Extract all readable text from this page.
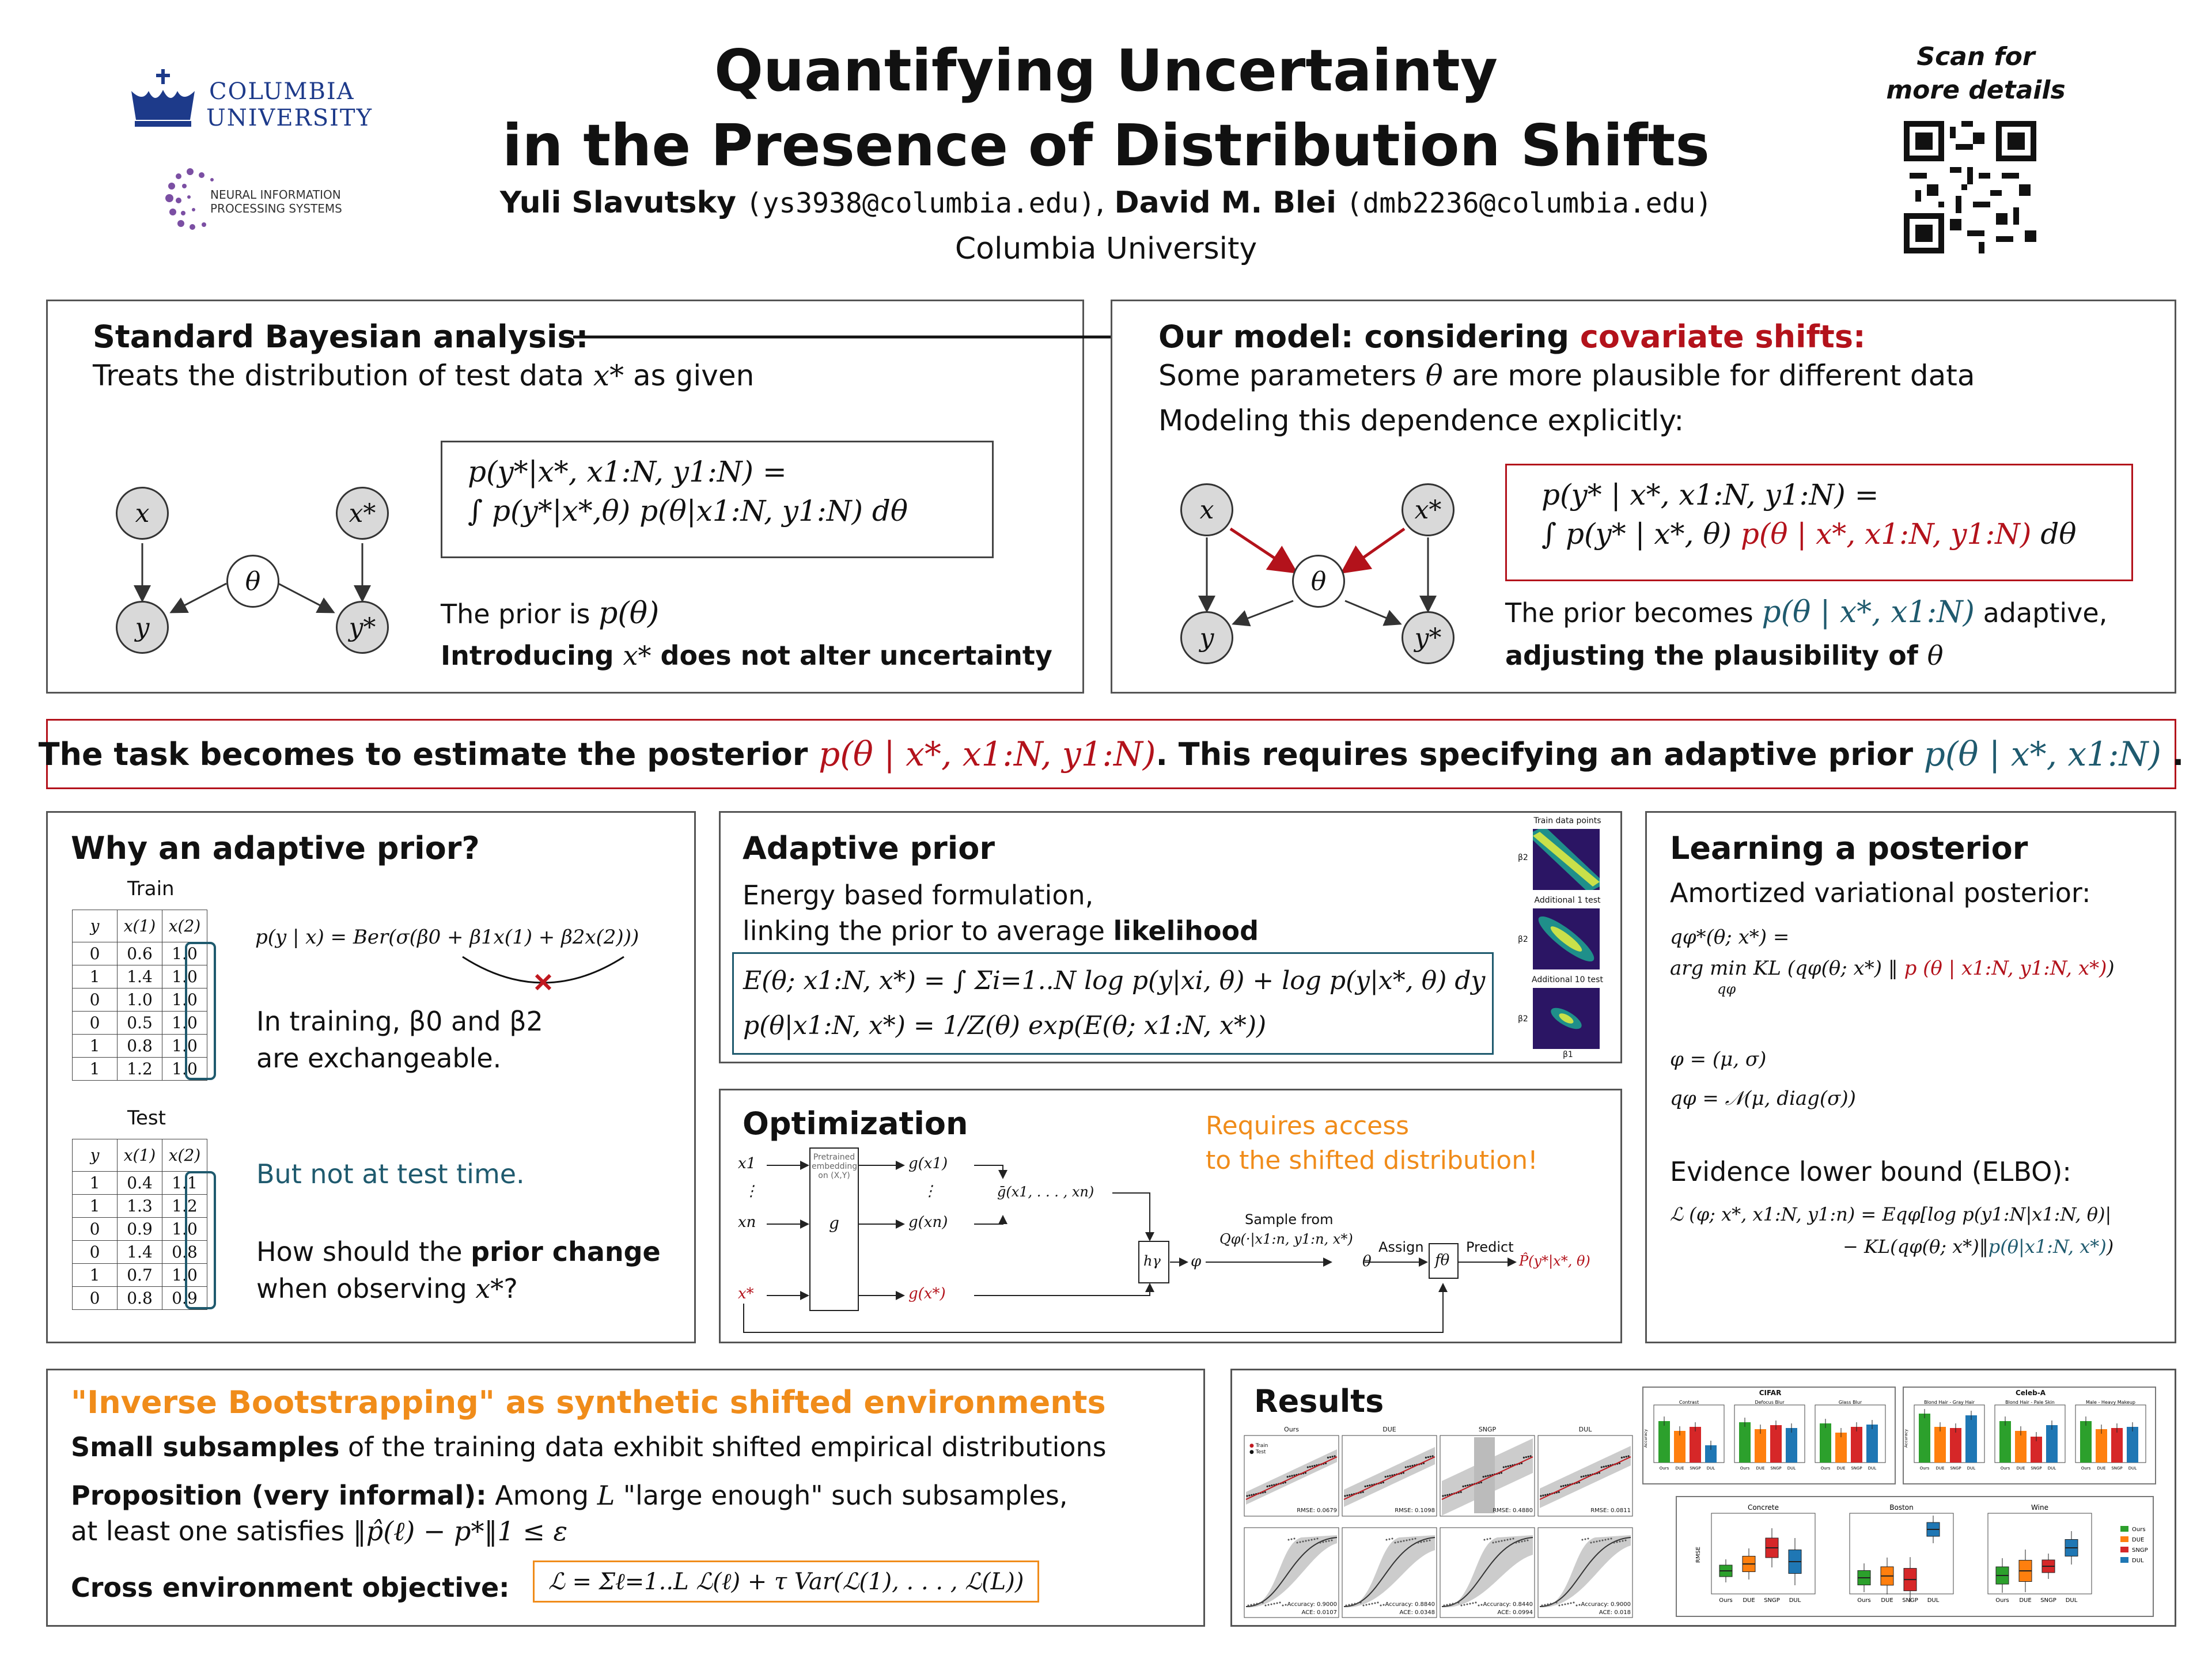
COLUMBIA
UNIVERSITY
NEURAL INFORMATION
PROCESSING SYSTEMS
Quantifying Uncertainty
in the Presence of Distribution Shifts
Yuli Slavutsky (ys3938@columbia.edu), David M. Blei (dmb2236@columbia.edu)
Columbia University
Scan for
more details
Standard Bayesian analysis:
Treats the distribution of test data x* as given
p(y*|x*, x1:N, y1:N) =
∫ p(y*|x*,θ) p(θ|x1:N, y1:N) dθ
x	x*
θ
y	y*	The prior is p(θ)
Introducing x* does not alter uncertainty
Our model: considering covariate shifts:
Some parameters θ are more plausible for different data
Modeling this dependence explicitly:
p(y* | x*, x1:N, y1:N) =
∫ p(y* | x*, θ) p(θ | x*, x1:N, y1:N) dθ
x	x*
θ
y	y*
The prior becomes p(θ | x*, x1:N) adaptive,
adjusting the plausibility of θ
The task becomes to estimate the posterior
p(θ | x*, x1:N, y1:N) . This requires specifying an adaptive prior
p(θ | x*, x1:N)
.
Why an adaptive prior?
Train
y	x(1)	x(2)
0	0.6	1.0
1	1.4	1.0
0	1.0	1.0
0	0.5	1.0
1	0.8	1.0
1	1.2	1.0
Test
y	x(1)	x(2)
1	0.4	1.1
1	1.3	1.2
0	0.9	1.0
0	1.4	0.8
1	0.7	1.0
0	0.8	0.9
p(y | x) = Ber(σ(β0 + β1x(1) + β2x(2)))
In training, β0 and β2
are exchangeable.
But not at test time.
How should the prior change
when observing x*?
Adaptive prior
Energy based formulation,
linking the prior to average likelihood
E(θ; x1:N, x*) = ∫ Σi=1..N log p(y|xi, θ) + log p(y|x*, θ) dy
p(θ|x1:N, x*) = 1/Z(θ) exp(E(θ; x1:N, x*))
Train data points
Additional 1 test
Additional 10 test
β2
β2
β2
β1
Optimization	Requires access
to the shifted distribution!
x1
⋮
xn
x*
Pretrained embedding on (X,Y)
g
g(x1)
⋮
g(xn)
g(x*)
ḡ(x1, . . . , xn)
hγ φ
Sample from
Qφ(·|x1:n, y1:n, x*)
θ
Assign
fθ
Predict
P̂(y*|x*, θ)
Learning a posterior
Amortized variational posterior:
qφ*(θ; x*) =
arg min KL (qφ(θ; x*) ‖ p (θ | x1:N, y1:N, x*))
qφ
φ = (μ, σ)
qφ = 𝒩(μ, diag(σ))
Evidence lower bound (ELBO):
ℒ (φ; x*, x1:N, y1:n) = Eqφ[log p(y1:N|x1:N, θ)|
− KL(qφ(θ; x*)‖p(θ|x1:N, x*))
"Inverse Bootstrapping" as synthetic shifted environments
Small subsamples of the training data exhibit shifted empirical distributions
Proposition (very informal): Among L "large enough" such subsamples,
at least one satisfies ‖p̂(ℓ) − p*‖1 ≤ ε
Cross environment objective:	ℒ = Σℓ=1..L ℒ(ℓ) + τ Var(ℒ(1), . . . , ℒ(L))
Results
Ours
RMSE: 0.0679
Accuracy: 0.9000
ACE: 0.0107
DUE
RMSE: 0.1098
Accuracy: 0.8840
ACE: 0.0348
SNGP
RMSE: 0.4880
Accuracy: 0.8440
ACE: 0.0994
DUL
RMSE: 0.0811
Accuracy: 0.9000
ACE: 0.018
● Train
● Test
CIFAR
Contrast
Ours DUE SNGP DUL
Defocus Blur
Ours DUE SNGP DUL
Glass Blur
Ours DUE SNGP DUL
Accuracy
Celeb-A
Blond Hair - Gray Hair
Ours DUE SNGP DUL
Blond Hair - Pale Skin
Ours DUE SNGP DUL
Male - Heavy Makeup
Ours DUE SNGP DUL
Accuracy
Concrete
Ours DUE SNGP DUL
Boston
Ours DUE SNGP DUL
Wine
Ours DUE SNGP DUL
RMSE
Ours
DUE
SNGP
DUL
